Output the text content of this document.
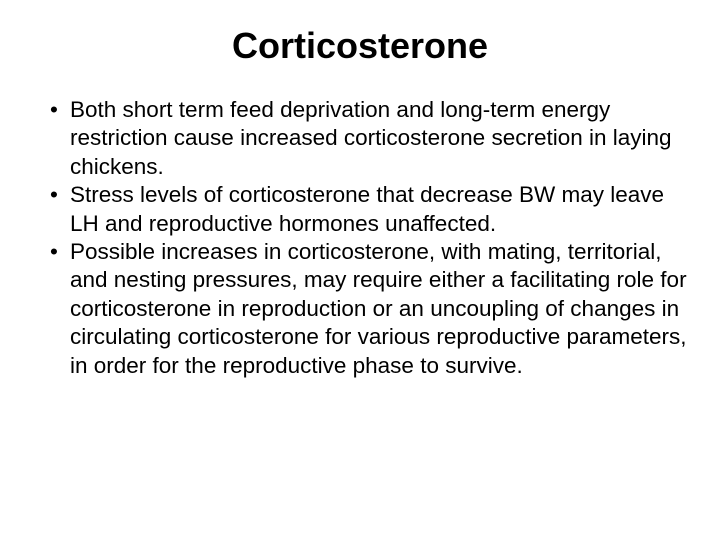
Corticosterone
• Both short term feed deprivation and long-term energy restriction cause increased corticosterone secretion in laying chickens.
• Stress levels of corticosterone that decrease BW may leave LH and reproductive hormones unaffected.
• Possible increases in corticosterone, with mating, territorial, and nesting pressures, may require either a facilitating role for corticosterone in reproduction or an uncoupling of changes in circulating corticosterone for various reproductive parameters, in order for the reproductive phase to survive.
